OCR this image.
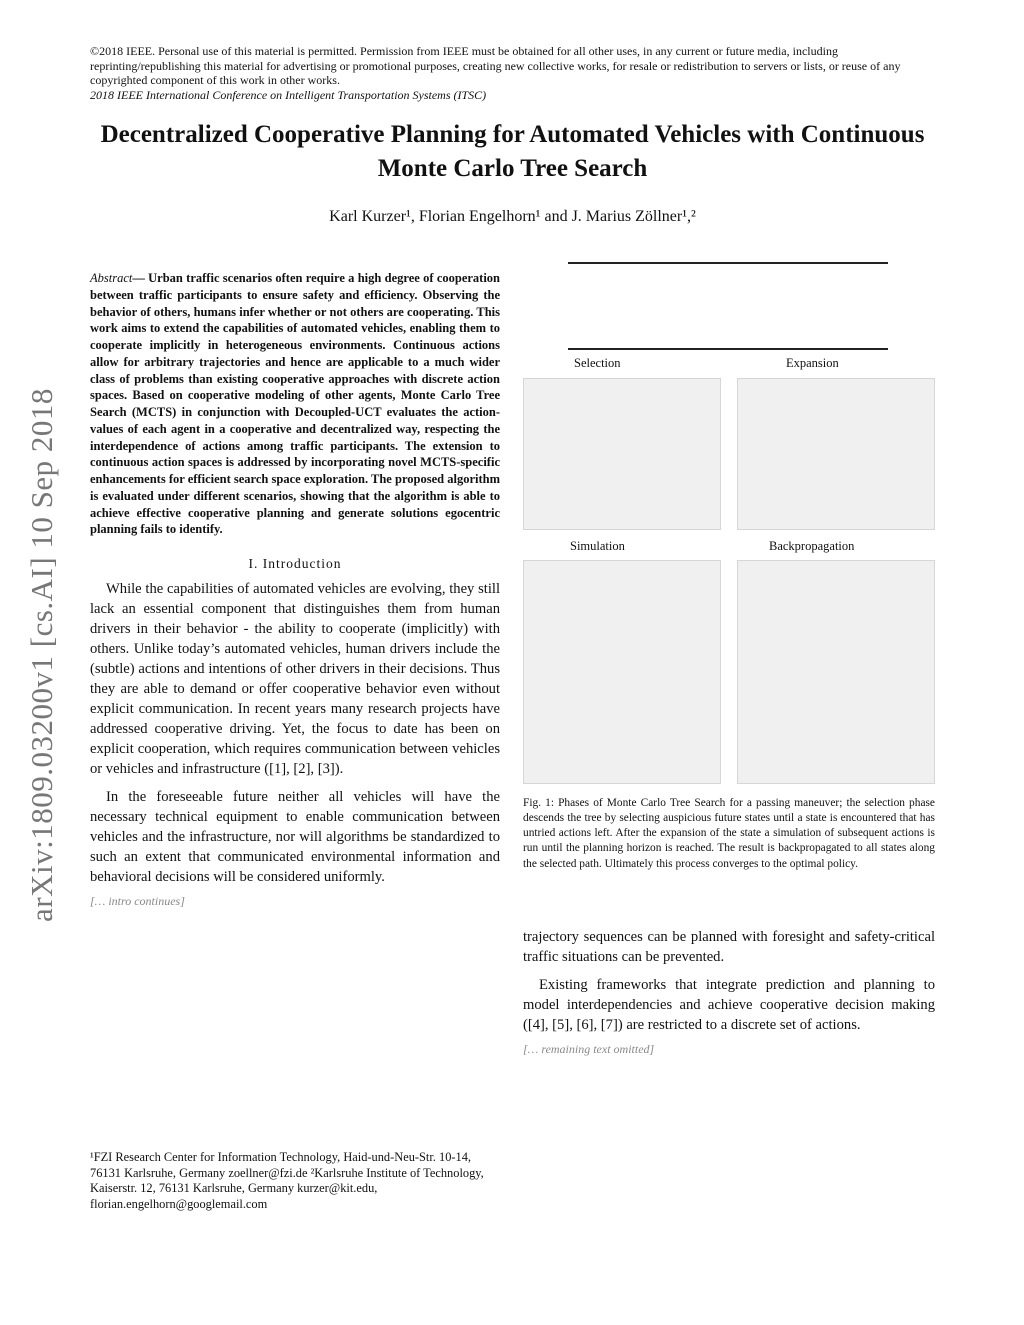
©2018 IEEE. Personal use of this material is permitted. Permission from IEEE must be obtained for all other uses, in any current or future media, including reprinting/republishing this material for advertising or promotional purposes, creating new collective works, for resale or redistribution to servers or lists, or reuse of any copyrighted component of this work in other works.
2018 IEEE International Conference on Intelligent Transportation Systems (ITSC)
Decentralized Cooperative Planning for Automated Vehicles with Continuous Monte Carlo Tree Search
Karl Kurzer¹, Florian Engelhorn¹ and J. Marius Zöllner¹,²
arXiv:1809.03200v1 [cs.AI] 10 Sep 2018
Abstract— Urban traffic scenarios often require a high degree of cooperation between traffic participants to ensure safety and efficiency. Observing the behavior of others, humans infer whether or not others are cooperating. This work aims to extend the capabilities of automated vehicles, enabling them to cooperate implicitly in heterogeneous environments. Continuous actions allow for arbitrary trajectories and hence are applicable to a much wider class of problems than existing cooperative approaches with discrete action spaces. Based on cooperative modeling of other agents, Monte Carlo Tree Search (MCTS) in conjunction with Decoupled-UCT evaluates the action-values of each agent in a cooperative and decentralized way, respecting the interdependence of actions among traffic participants. The extension to continuous action spaces is addressed by incorporating novel MCTS-specific enhancements for efficient search space exploration. The proposed algorithm is evaluated under different scenarios, showing that the algorithm is able to achieve effective cooperative planning and generate solutions egocentric planning fails to identify.
I. Introduction
While the capabilities of automated vehicles are evolving, they still lack an essential component that distinguishes them from human drivers in their behavior - the ability to cooperate (implicitly) with others. Unlike today’s automated vehicles, human drivers include the (subtle) actions and intentions of other drivers in their decisions. Thus they are able to demand or offer cooperative behavior even without explicit communication. In recent years many research projects have addressed cooperative driving. Yet, the focus to date has been on explicit cooperation, which requires communication between vehicles or vehicles and infrastructure ([1], [2], [3]).
In the foreseeable future neither all vehicles will have the necessary technical equipment to enable communication between vehicles and the infrastructure, nor will algorithms be standardized to such an extent that communicated environmental information and behavioral decisions will be considered uniformly.
[… intro continues]
¹FZI Research Center for Information Technology, Haid-und-Neu-Str. 10-14, 76131 Karlsruhe, Germany zoellner@fzi.de ²Karlsruhe Institute of Technology, Kaiserstr. 12, 76131 Karlsruhe, Germany kurzer@kit.edu, florian.engelhorn@googlemail.com
Selection	Expansion
Simulation	Backpropagation
Fig. 1: Phases of Monte Carlo Tree Search for a passing maneuver; the selection phase descends the tree by selecting auspicious future states until a state is encountered that has untried actions left. After the expansion of the state a simulation of subsequent actions is run until the planning horizon is reached. The result is backpropagated to all states along the selected path. Ultimately this process converges to the optimal policy.
trajectory sequences can be planned with foresight and safety-critical traffic situations can be prevented.
Existing frameworks that integrate prediction and planning to model interdependencies and achieve cooperative decision making ([4], [5], [6], [7]) are restricted to a discrete set of actions.
[… remaining text omitted]
